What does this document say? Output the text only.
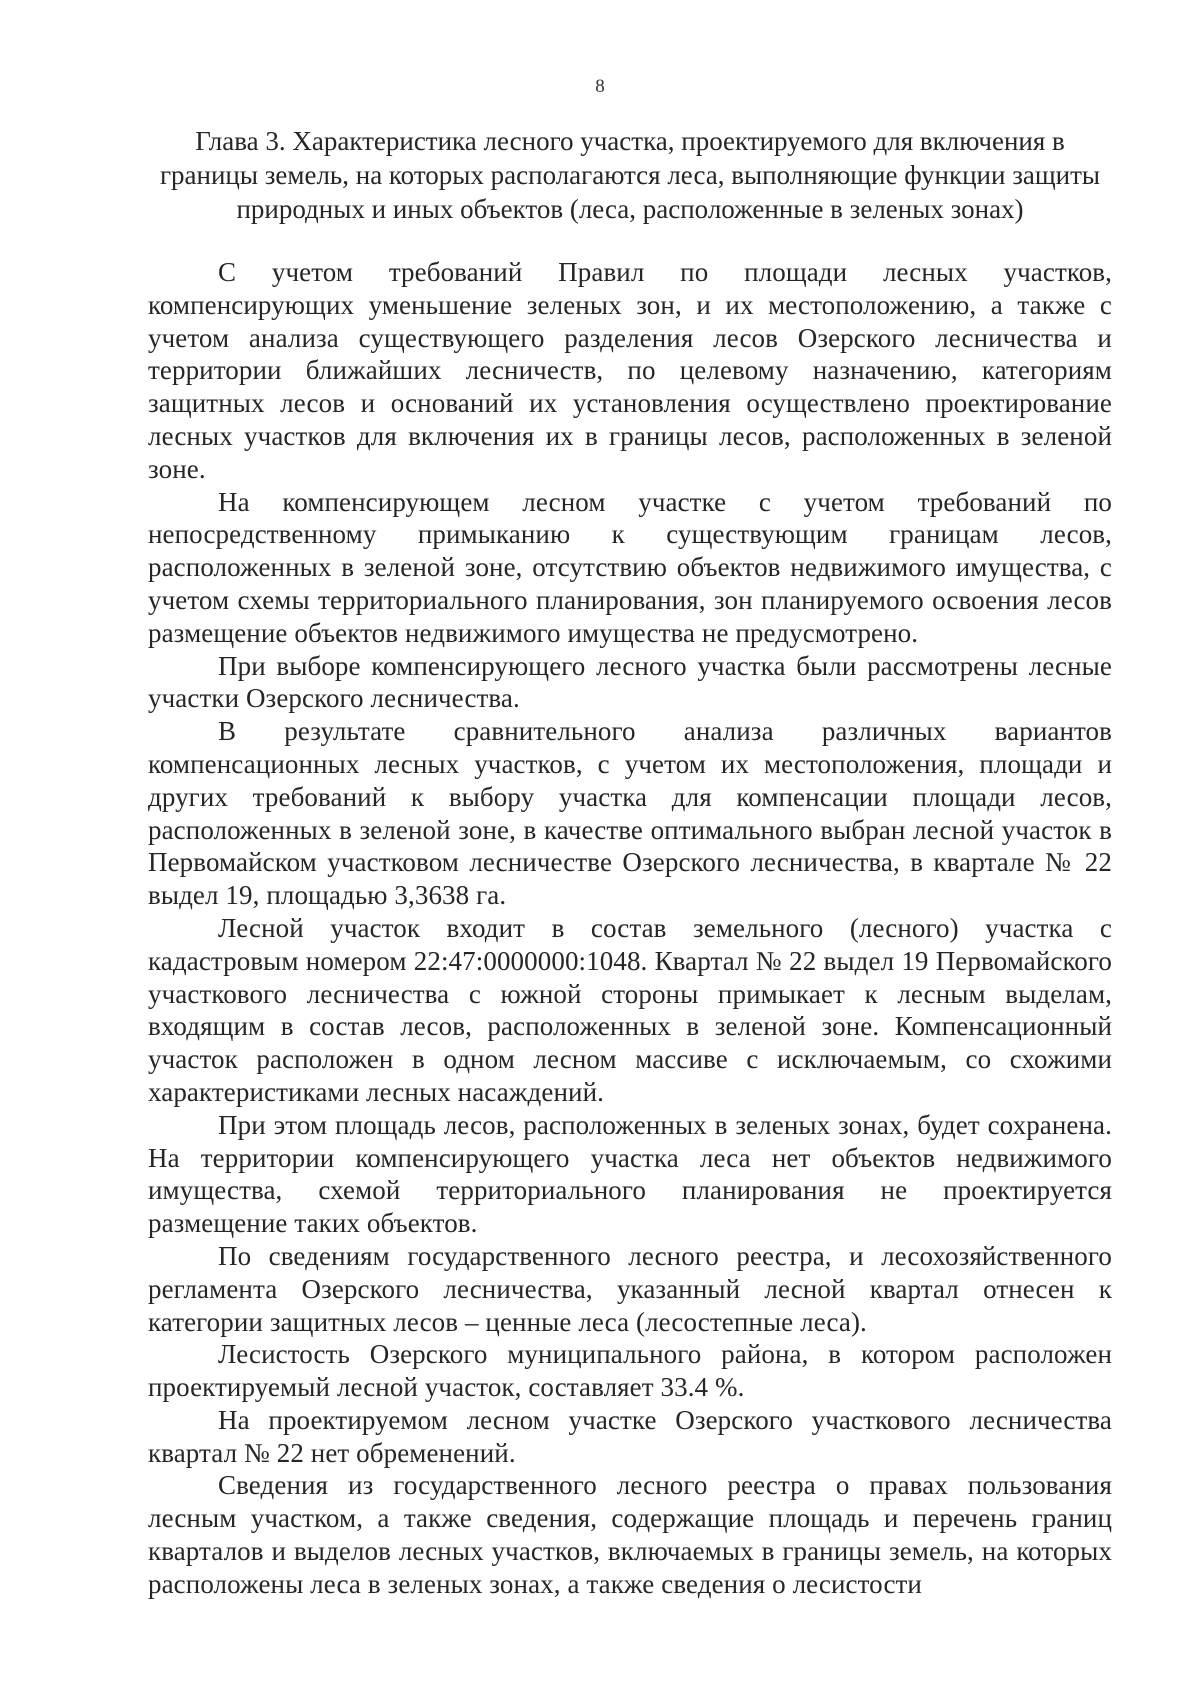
8
Глава 3. Характеристика лесного участка, проектируемого для включения в границы земель, на которых располагаются леса, выполняющие функции защиты природных и иных объектов (леса, расположенные в зеленых зонах)

С учетом требований Правил по площади лесных участков, компенсирующих уменьшение зеленых зон, и их местоположению, а также с учетом анализа существующего разделения лесов Озерского лесничества и территории ближайших лесничеств, по целевому назначению, категориям защитных лесов и оснований их установления осуществлено проектирование лесных участков для включения их в границы лесов, расположенных в зеленой зоне.

На компенсирующем лесном участке с учетом требований по непосредственному примыканию к существующим границам лесов, расположенных в зеленой зоне, отсутствию объектов недвижимого имущества, с учетом схемы территориального планирования, зон планируемого освоения лесов размещение объектов недвижимого имущества не предусмотрено.

При выборе компенсирующего лесного участка были рассмотрены лесные участки Озерского лесничества.

В результате сравнительного анализа различных вариантов компенсационных лесных участков, с учетом их местоположения, площади и других требований к выбору участка для компенсации площади лесов, расположенных в зеленой зоне, в качестве оптимального выбран лесной участок в Первомайском участковом лесничестве Озерского лесничества, в квартале № 22 выдел 19, площадью 3,3638 га.

Лесной участок входит в состав земельного (лесного) участка с кадастровым номером 22:47:0000000:1048. Квартал № 22 выдел 19 Первомайского участкового лесничества с южной стороны примыкает к лесным выделам, входящим в состав лесов, расположенных в зеленой зоне. Компенсационный участок расположен в одном лесном массиве с исключаемым, со схожими характеристиками лесных насаждений.

При этом площадь лесов, расположенных в зеленых зонах, будет сохранена. На территории компенсирующего участка леса нет объектов недвижимого имущества, схемой территориального планирования не проектируется размещение таких объектов.

По сведениям государственного лесного реестра, и лесохозяйственного регламента Озерского лесничества, указанный лесной квартал отнесен к категории защитных лесов – ценные леса (лесостепные леса).

Лесистость Озерского муниципального района, в котором расположен проектируемый лесной участок, составляет 33.4 %.

На проектируемом лесном участке Озерского участкового лесничества квартал № 22 нет обременений.

Сведения из государственного лесного реестра о правах пользования лесным участком, а также сведения, содержащие площадь и перечень границ кварталов и выделов лесных участков, включаемых в границы земель, на которых расположены леса в зеленых зонах, а также сведения о лесистости
